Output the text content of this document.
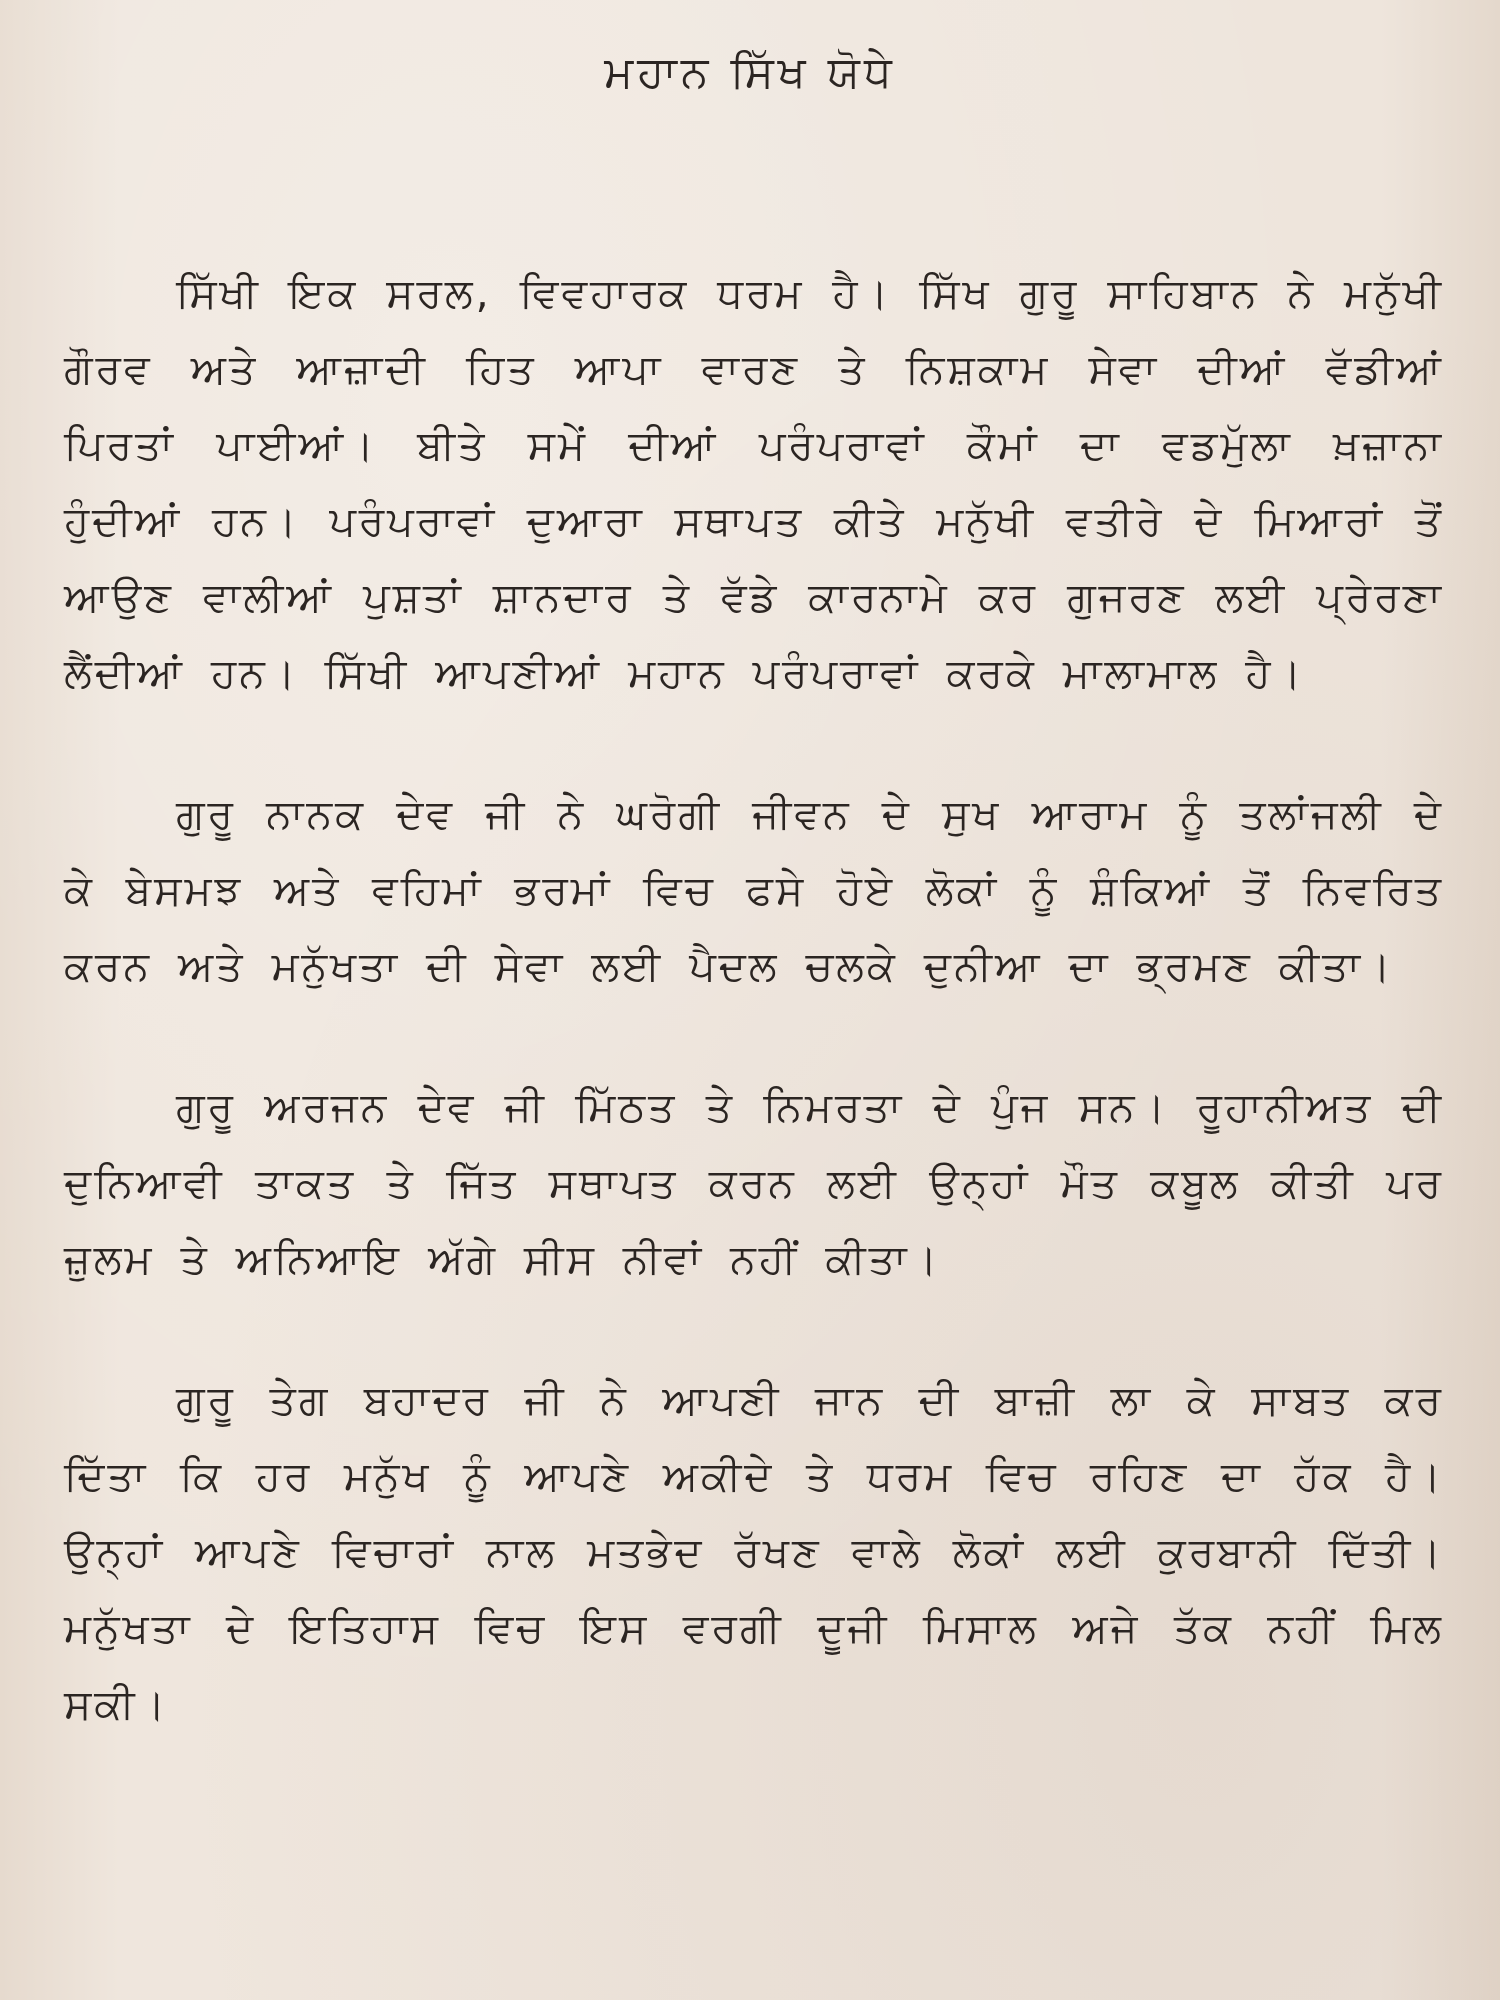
ਮਹਾਨ ਸਿੱਖ ਯੋਧੇ

ਸਿੱਖੀ ਇਕ ਸਰਲ, ਵਿਵਹਾਰਕ ਧਰਮ ਹੈ। ਸਿੱਖ ਗੁਰੂ ਸਾਹਿਬਾਨ ਨੇ ਮਨੁੱਖੀ ਗੌਰਵ ਅਤੇ ਆਜ਼ਾਦੀ ਹਿਤ ਆਪਾ ਵਾਰਣ ਤੇ ਨਿਸ਼ਕਾਮ ਸੇਵਾ ਦੀਆਂ ਵੱਡੀਆਂ ਪਿਰਤਾਂ ਪਾਈਆਂ। ਬੀਤੇ ਸਮੇਂ ਦੀਆਂ ਪਰੰਪਰਾਵਾਂ ਕੌਮਾਂ ਦਾ ਵਡਮੁੱਲਾ ਖ਼ਜ਼ਾਨਾ ਹੁੰਦੀਆਂ ਹਨ। ਪਰੰਪਰਾਵਾਂ ਦੁਆਰਾ ਸਥਾਪਤ ਕੀਤੇ ਮਨੁੱਖੀ ਵਤੀਰੇ ਦੇ ਮਿਆਰਾਂ ਤੋਂ ਆਉਣ ਵਾਲੀਆਂ ਪੁਸ਼ਤਾਂ ਸ਼ਾਨਦਾਰ ਤੇ ਵੱਡੇ ਕਾਰਨਾਮੇ ਕਰ ਗੁਜਰਣ ਲਈ ਪ੍ਰੇਰਣਾ ਲੈਂਦੀਆਂ ਹਨ। ਸਿੱਖੀ ਆਪਣੀਆਂ ਮਹਾਨ ਪਰੰਪਰਾਵਾਂ ਕਰਕੇ ਮਾਲਾਮਾਲ ਹੈ।

ਗੁਰੂ ਨਾਨਕ ਦੇਵ ਜੀ ਨੇ ਘਰੋਗੀ ਜੀਵਨ ਦੇ ਸੁਖ ਆਰਾਮ ਨੂੰ ਤਲਾਂਜਲੀ ਦੇ ਕੇ ਬੇਸਮਝ ਅਤੇ ਵਹਿਮਾਂ ਭਰਮਾਂ ਵਿਚ ਫਸੇ ਹੋਏ ਲੋਕਾਂ ਨੂੰ ਸ਼ੰਕਿਆਂ ਤੋਂ ਨਿਵਰਿਤ ਕਰਨ ਅਤੇ ਮਨੁੱਖਤਾ ਦੀ ਸੇਵਾ ਲਈ ਪੈਦਲ ਚਲਕੇ ਦੁਨੀਆ ਦਾ ਭ੍ਰਮਣ ਕੀਤਾ।

ਗੁਰੂ ਅਰਜਨ ਦੇਵ ਜੀ ਮਿੱਠਤ ਤੇ ਨਿਮਰਤਾ ਦੇ ਪੁੰਜ ਸਨ। ਰੂਹਾਨੀਅਤ ਦੀ ਦੁਨਿਆਵੀ ਤਾਕਤ ਤੇ ਜਿੱਤ ਸਥਾਪਤ ਕਰਨ ਲਈ ਉਨ੍ਹਾਂ ਮੌਤ ਕਬੂਲ ਕੀਤੀ ਪਰ ਜ਼ੁਲਮ ਤੇ ਅਨਿਆਇ ਅੱਗੇ ਸੀਸ ਨੀਵਾਂ ਨਹੀਂ ਕੀਤਾ।

ਗੁਰੂ ਤੇਗ ਬਹਾਦਰ ਜੀ ਨੇ ਆਪਣੀ ਜਾਨ ਦੀ ਬਾਜ਼ੀ ਲਾ ਕੇ ਸਾਬਤ ਕਰ ਦਿੱਤਾ ਕਿ ਹਰ ਮਨੁੱਖ ਨੂੰ ਆਪਣੇ ਅਕੀਦੇ ਤੇ ਧਰਮ ਵਿਚ ਰਹਿਣ ਦਾ ਹੱਕ ਹੈ। ਉਨ੍ਹਾਂ ਆਪਣੇ ਵਿਚਾਰਾਂ ਨਾਲ ਮਤਭੇਦ ਰੱਖਣ ਵਾਲੇ ਲੋਕਾਂ ਲਈ ਕੁਰਬਾਨੀ ਦਿੱਤੀ। ਮਨੁੱਖਤਾ ਦੇ ਇਤਿਹਾਸ ਵਿਚ ਇਸ ਵਰਗੀ ਦੂਜੀ ਮਿਸਾਲ ਅਜੇ ਤੱਕ ਨਹੀਂ ਮਿਲ ਸਕੀ।
